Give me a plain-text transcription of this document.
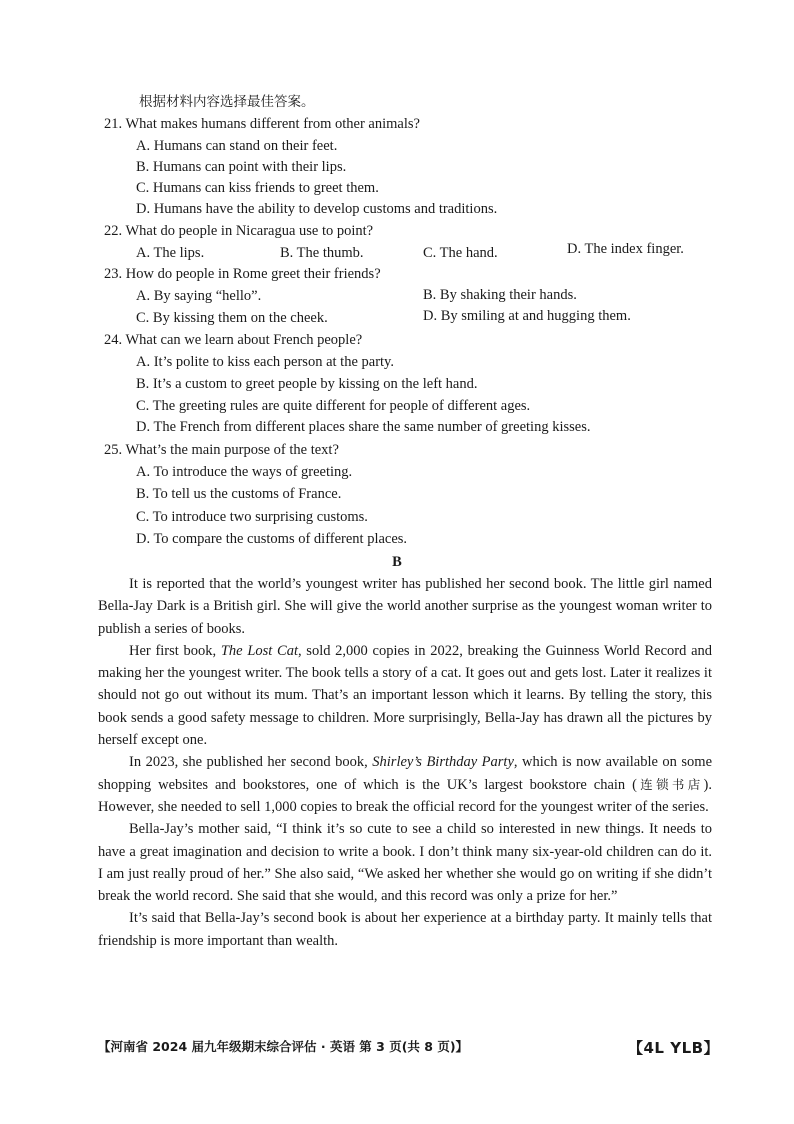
根据材料内容选择最佳答案。
21. What makes humans different from other animals?
A. Humans can stand on their feet.
B. Humans can point with their lips.
C. Humans can kiss friends to greet them.
D. Humans have the ability to develop customs and traditions.
22. What do people in Nicaragua use to point?
A. The lips.	B. The thumb.	C. The hand.	D. The index finger.
23. How do people in Rome greet their friends?
A. By saying “hello”.	B. By shaking their hands.
C. By kissing them on the cheek.	D. By smiling at and hugging them.
24. What can we learn about French people?
A. It’s polite to kiss each person at the party.
B. It’s a custom to greet people by kissing on the left hand.
C. The greeting rules are quite different for people of different ages.
D. The French from different places share the same number of greeting kisses.
25. What’s the main purpose of the text?
A. To introduce the ways of greeting.
B. To tell us the customs of France.
C. To introduce two surprising customs.
D. To compare the customs of different places.
B

It is reported that the world’s youngest writer has published her second book. The little girl named Bella-Jay Dark is a British girl. She will give the world another surprise as the youngest woman writer to publish a series of books.

Her first book, The Lost Cat, sold 2,000 copies in 2022, breaking the Guinness World Record and making her the youngest writer. The book tells a story of a cat. It goes out and gets lost. Later it realizes it should not go out without its mum. That’s an important lesson which it learns. By telling the story, this book sends a good safety message to children. More surprisingly, Bella-Jay has drawn all the pictures by herself except one.

In 2023, she published her second book, Shirley’s Birthday Party, which is now available on some shopping websites and bookstores, one of which is the UK’s largest bookstore chain (连锁书店). However, she needed to sell 1,000 copies to break the official record for the youngest writer of the series.

Bella-Jay’s mother said, “I think it’s so cute to see a child so interested in new things. It needs to have a great imagination and decision to write a book. I don’t think many six-year-old children can do it. I am just really proud of her.” She also said, “We asked her whether she would go on writing if she didn’t break the world record. She said that she would, and this record was only a prize for her.”

It’s said that Bella-Jay’s second book is about her experience at a birthday party. It mainly tells that friendship is more important than wealth.

【河南省 2024 届九年级期末综合评估 · 英语 第 3 页(共 8 页)】	【4L YLB】
